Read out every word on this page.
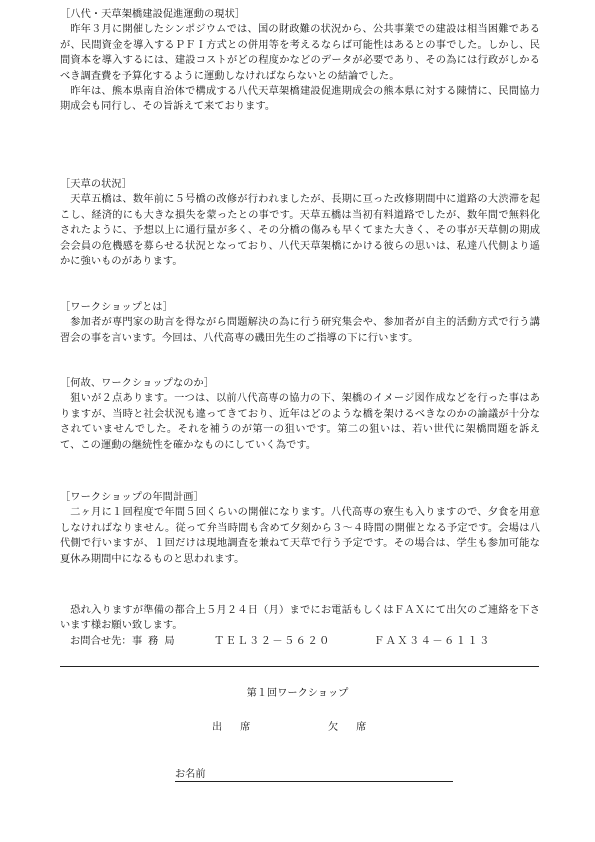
［八代・天草架橋建設促進運動の現状］
昨年３月に開催したシンポジウムでは、国の財政難の状況から、公共事業での建設は相当困難であるが、民間資金を導入するＰＦＩ方式との併用等を考えるならば可能性はあるとの事でした。しかし、民間資本を導入するには、建設コストがどの程度かなどのデータが必要であり、その為には行政がしかるべき調査費を予算化するように運動しなければならないとの結論でした。
昨年は、熊本県南自治体で構成する八代天草架橋建設促進期成会の熊本県に対する陳情に、民間協力期成会も同行し、その旨訴えて来ております。
［天草の状況］
天草五橋は、数年前に５号橋の改修が行われましたが、長期に亘った改修期間中に道路の大渋滞を起こし、経済的にも大きな損失を蒙ったとの事です。天草五橋は当初有料道路でしたが、数年間で無料化されたように、予想以上に通行量が多く、その分橋の傷みも早くてまた大きく、その事が天草側の期成会会員の危機感を募らせる状況となっており、八代天草架橋にかける彼らの思いは、私達八代側より遥かに強いものがあります。
［ワークショップとは］
参加者が専門家の助言を得ながら問題解決の為に行う研究集会や、参加者が自主的活動方式で行う講習会の事を言います。今回は、八代高専の磯田先生のご指導の下に行います。
［何故、ワークショップなのか］
狙いが２点あります。一つは、以前八代高専の協力の下、架橋のイメージ図作成などを行った事はありますが、当時と社会状況も違ってきており、近年はどのような橋を架けるべきなのかの論議が十分なされていませんでした。それを補うのが第一の狙いです。第二の狙いは、若い世代に架橋問題を訴えて、この運動の継続性を確かなものにしていく為です。
［ワークショップの年間計画］
二ヶ月に１回程度で年間５回くらいの開催になります。八代高専の寮生も入りますので、夕食を用意しなければなりません。従って弁当時間も含めて夕刻から３～４時間の開催となる予定です。会場は八代側で行いますが、１回だけは現地調査を兼ねて天草で行う予定です。その場合は、学生も参加可能な夏休み期間中になるものと思われます。
恐れ入りますが準備の都合上５月２４日（月）までにお電話もしくはＦＡＸにて出欠のご連絡を下さいます様お願い致します。
お問合せ先： 事務局	ＴＥＬ３２－５６２０	ＦＡＸ３４－６１１３
第１回ワークショップ
出席	欠席
お名前
